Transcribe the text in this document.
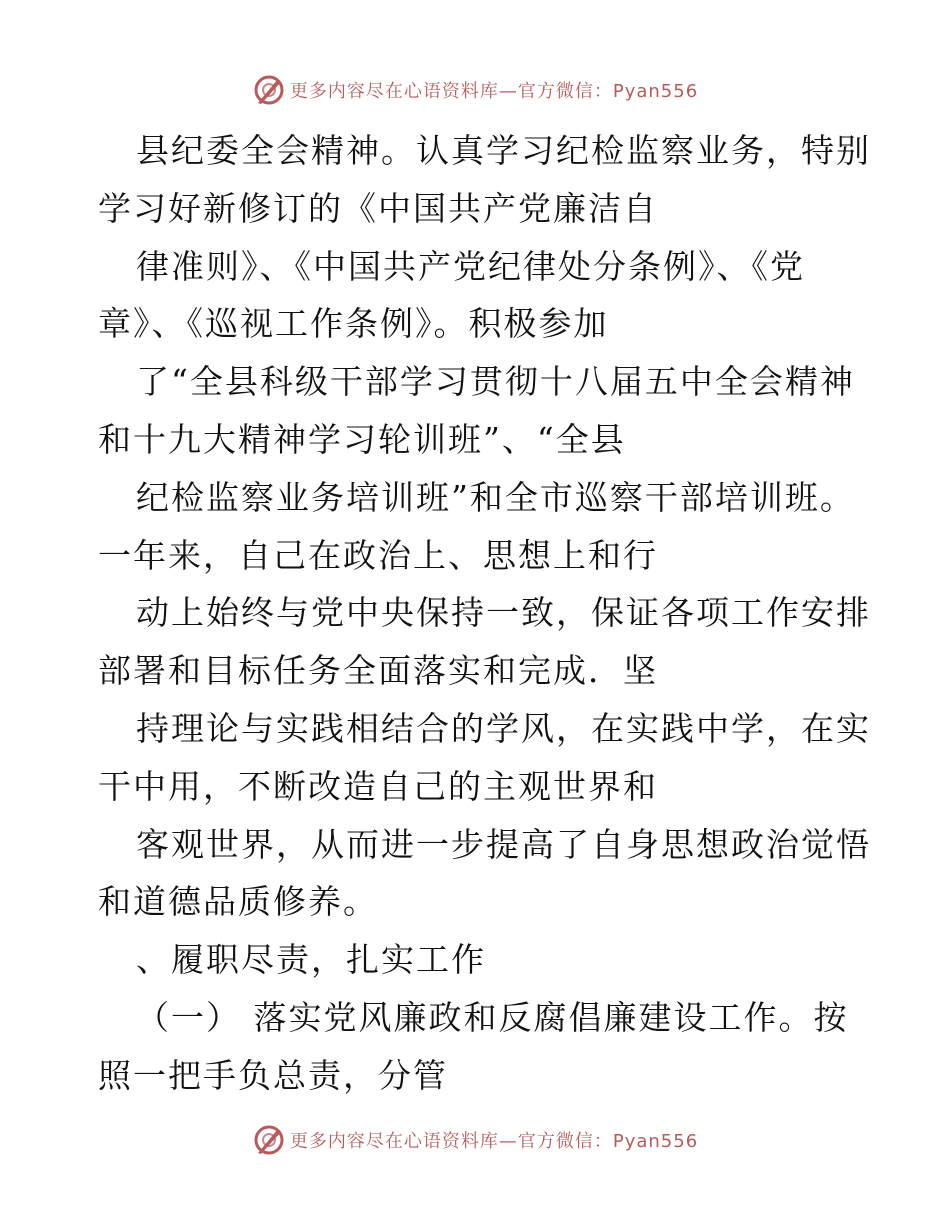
更多内容尽在心语资料库—官方微信：Pyan556
县纪委全会精神。认真学习纪检监察业务，特别
学习好新修订的《中国共产党廉洁自
律准则》、《中国共产党纪律处分条例》、《党
章》、《巡视工作条例》。积极参加
了“全县科级干部学习贯彻十八届五中全会精神
和十九大精神学习轮训班”、“全县
纪检监察业务培训班”和全市巡察干部培训班。
一年来，自己在政治上、思想上和行
动上始终与党中央保持一致，保证各项工作安排
部署和目标任务全面落实和完成．坚
持理论与实践相结合的学风，在实践中学，在实
干中用，不断改造自己的主观世界和
客观世界，从而进一步提高了自身思想政治觉悟
和道德品质修养。
、履职尽责，扎实工作
（一） 落实党风廉政和反腐倡廉建设工作。按
照一把手负总责，分管
更多内容尽在心语资料库—官方微信：Pyan556
